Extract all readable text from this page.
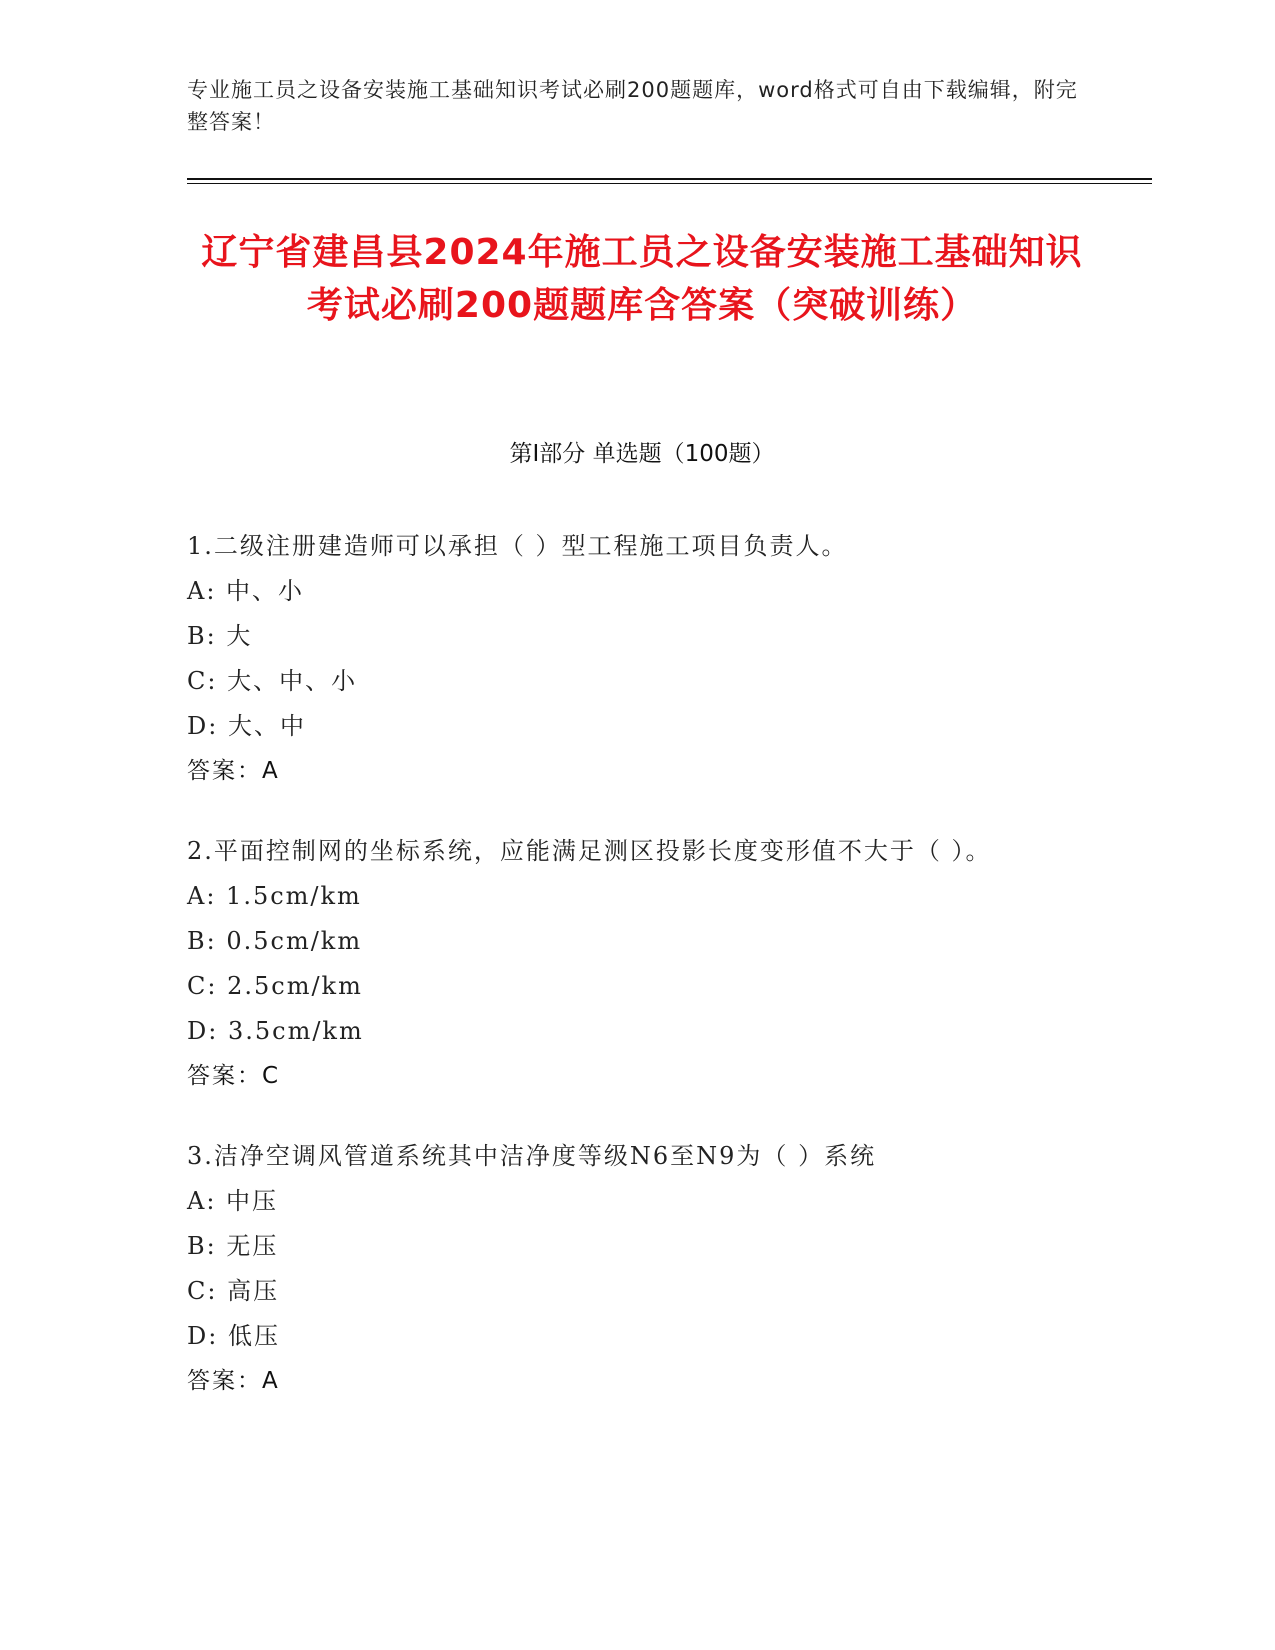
专业施工员之设备安装施工基础知识考试必刷200题题库，word格式可自由下载编辑，附完整答案！
辽宁省建昌县2024年施工员之设备安装施工基础知识考试必刷200题题库含答案（突破训练）
第I部分 单选题（100题）
1.二级注册建造师可以承担（ ）型工程施工项目负责人。
A: 中、小
B: 大
C: 大、中、小
D: 大、中
答案：A
2.平面控制网的坐标系统，应能满足测区投影长度变形值不大于（ ）。
A: 1.5cm/km
B: 0.5cm/km
C: 2.5cm/km
D: 3.5cm/km
答案：C
3.洁净空调风管道系统其中洁净度等级N6至N9为（ ）系统
A: 中压
B: 无压
C: 高压
D: 低压
答案：A
